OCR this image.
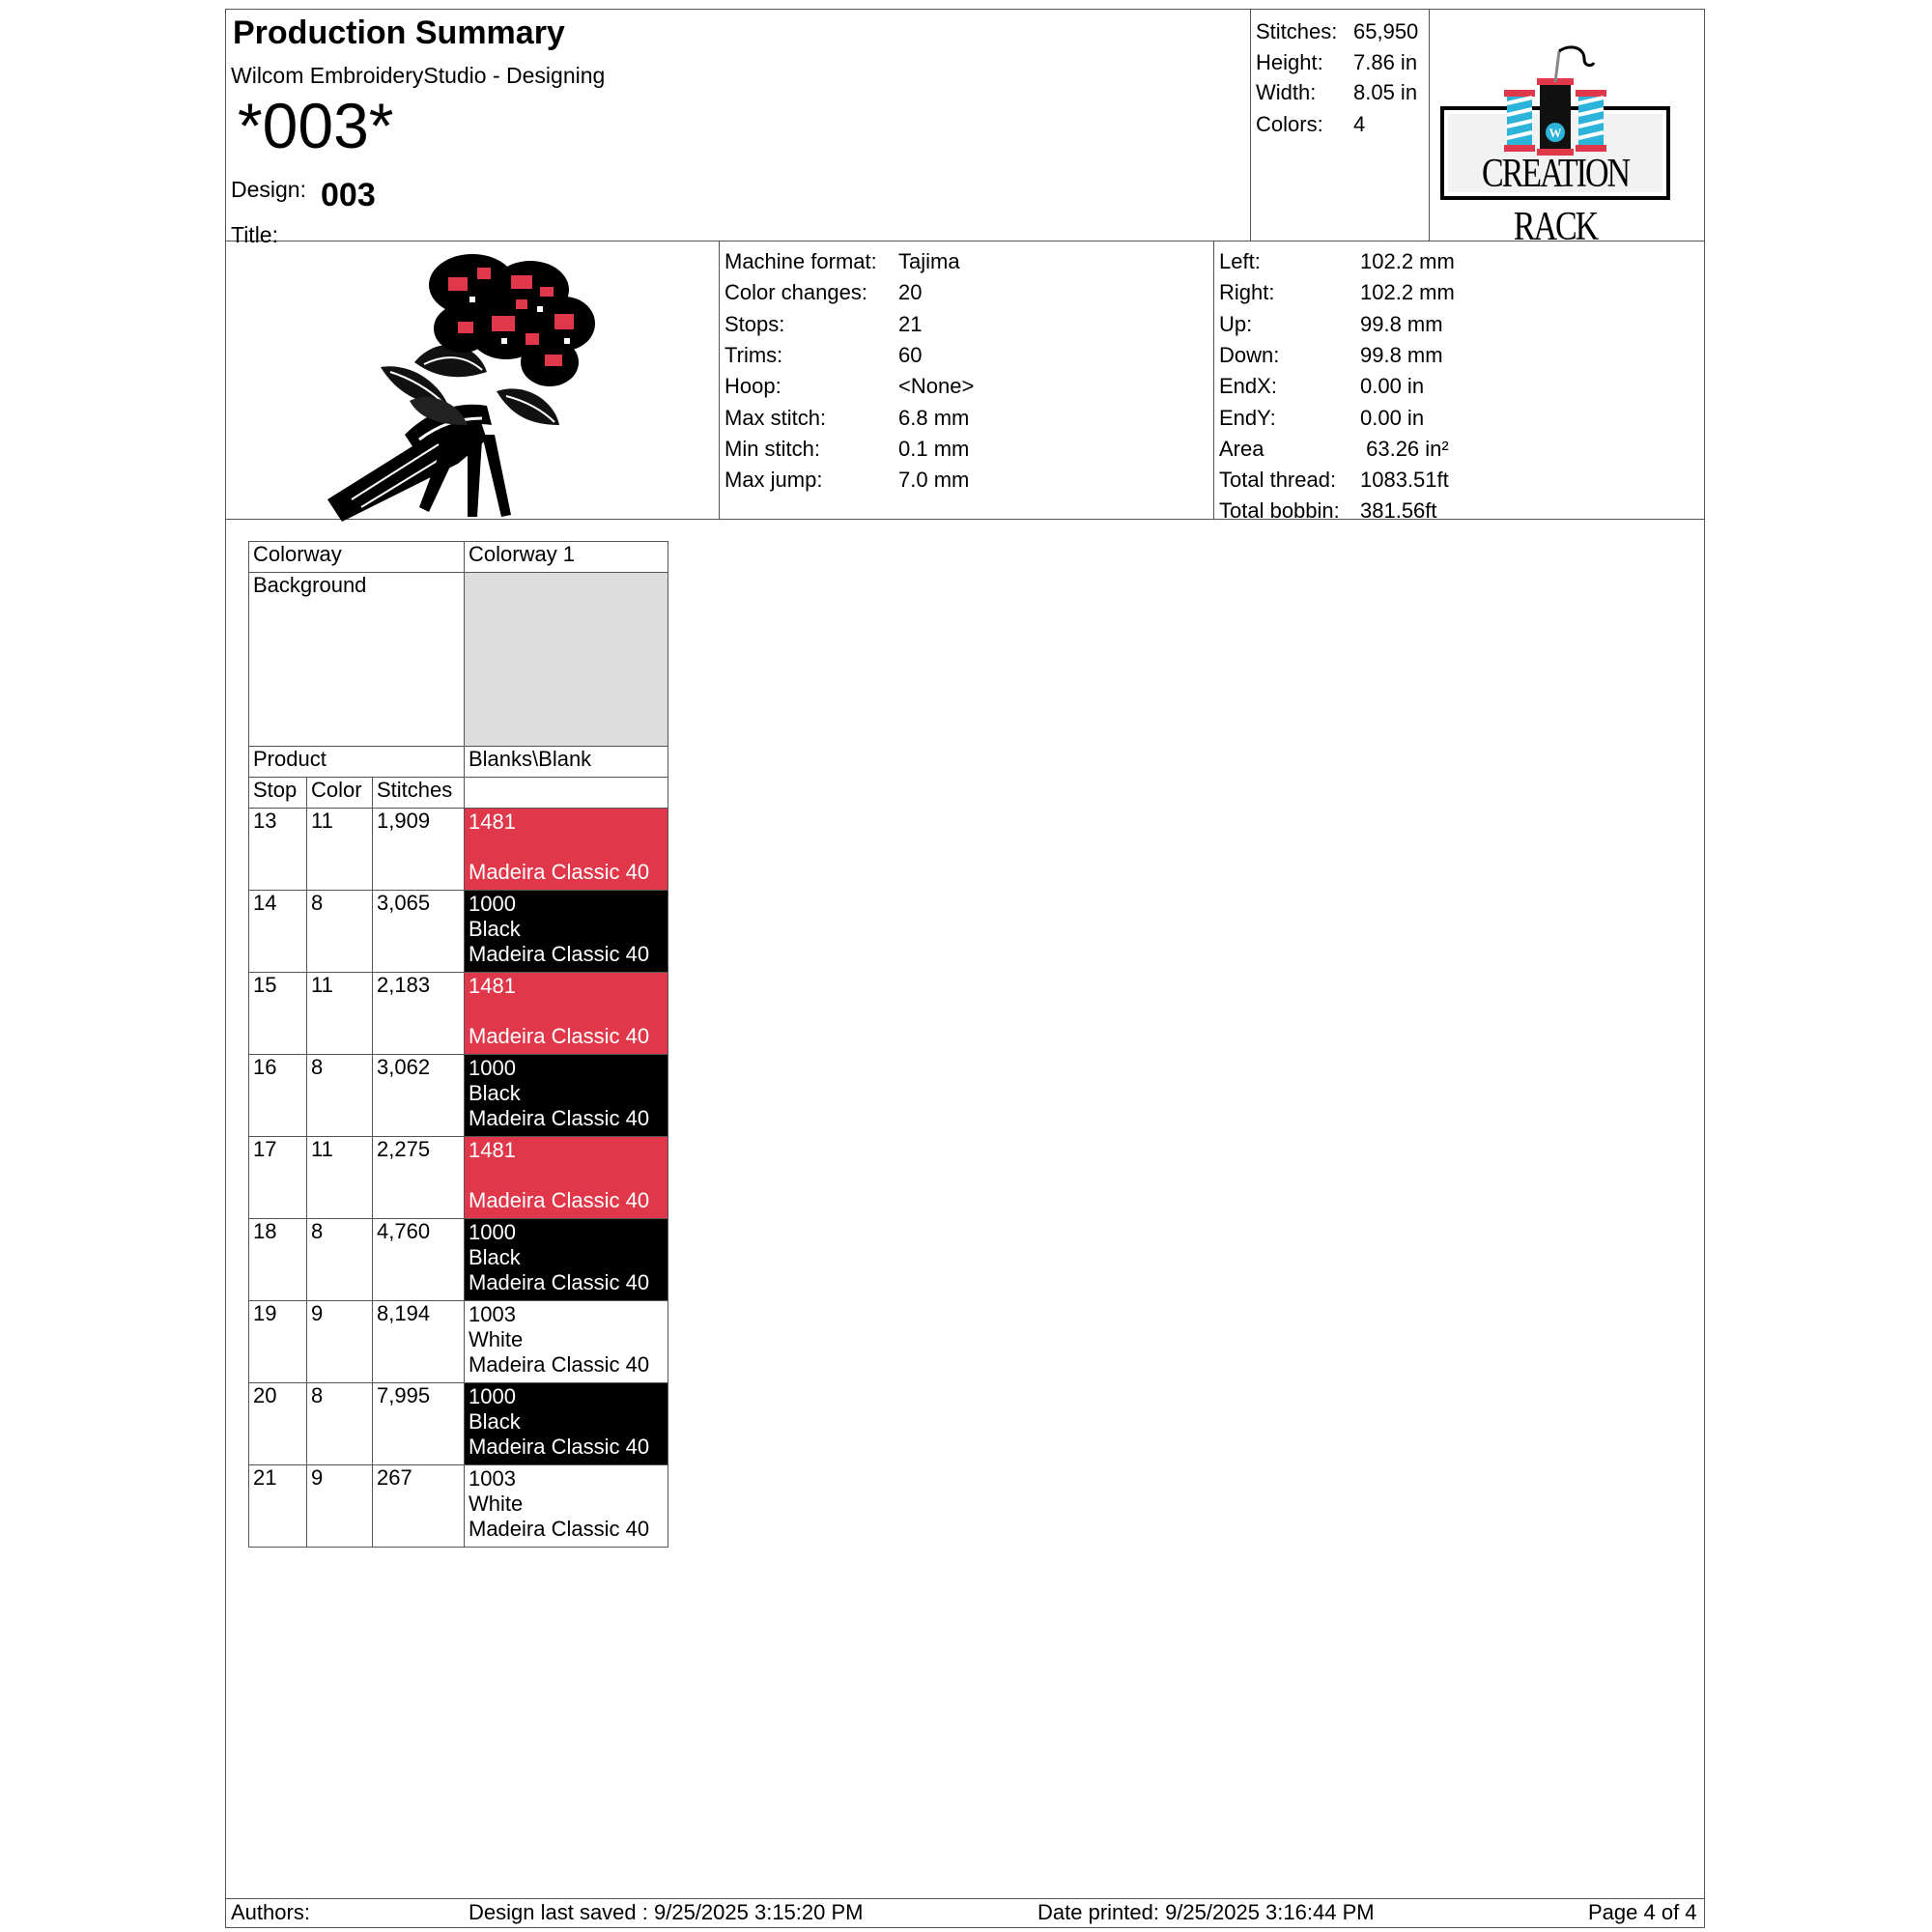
Production Summary
Wilcom EmbroideryStudio - Designing
*003*
Design: 003
Title:
Stitches: 65,950
Height: 7.86 in
Width: 8.05 in
Colors: 4	W
CREATION RACK
Machine format: Tajima
Color changes: 20
Stops:	21
Trims:	60
Hoop:	<None>
Max stitch:	6.8 mm
Min stitch:	0.1 mm
Max jump:	7.0 mm
Left:	102.2 mm
Right:	102.2 mm
Up:	99.8 mm
Down:	99.8 mm
EndX:	0.00 in
EndY:	0.00 in
Area	63.26 in²
Total thread: 1083.51ft
Total bobbin: 381.56ft
Colorway			Colorway 1
Background			
Product			Blanks\Blank
Stop	Color	Stitches	
13	11	1,909	1481
Madeira Classic 40

14	8	3,065	1000
Black
Madeira Classic 40

15	11	2,183	1481
Madeira Classic 40

16	8	3,062	1000
Black
Madeira Classic 40

17	11	2,275	1481
Madeira Classic 40

18	8	4,760	1000
Black
Madeira Classic 40

19	9	8,194	1003
White
Madeira Classic 40

20	8	7,995	1000
Black
Madeira Classic 40

21	9	267	1003
White
Madeira Classic 40
Authors:	Design last saved : 9/25/2025 3:15:20 PM	Date printed: 9/25/2025 3:16:44 PM	Page 4 of 4
